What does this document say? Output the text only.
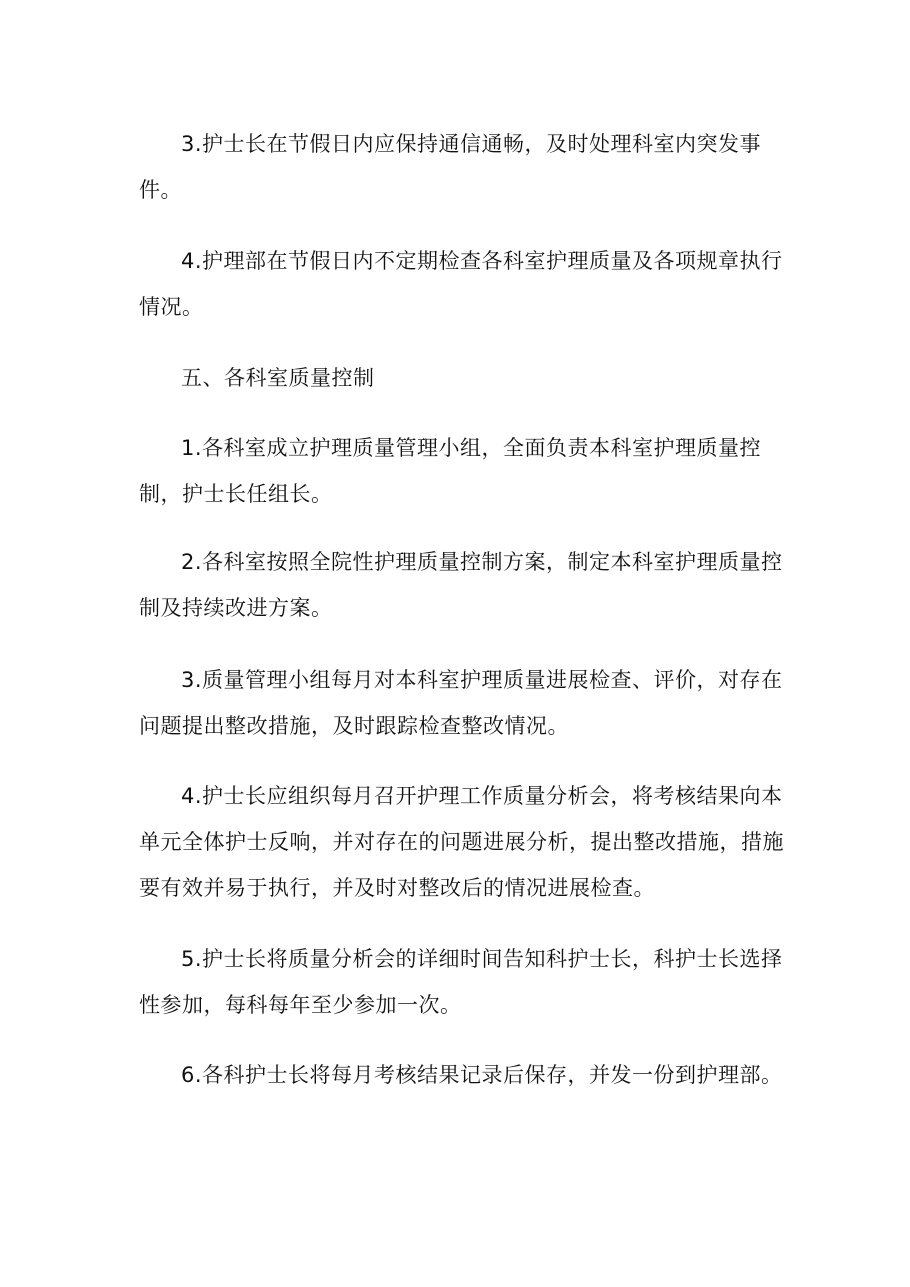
3.护士长在节假日内应保持通信通畅，及时处理科室内突发事件。

4.护理部在节假日内不定期检查各科室护理质量及各项规章执行情况。

五、各科室质量控制

1.各科室成立护理质量管理小组，全面负责本科室护理质量控制，护士长任组长。

2.各科室按照全院性护理质量控制方案，制定本科室护理质量控制及持续改进方案。

3.质量管理小组每月对本科室护理质量进展检查、评价，对存在问题提出整改措施，及时跟踪检查整改情况。

4.护士长应组织每月召开护理工作质量分析会，将考核结果向本单元全体护士反响，并对存在的问题进展分析，提出整改措施，措施要有效并易于执行，并及时对整改后的情况进展检查。

5.护士长将质量分析会的详细时间告知科护士长，科护士长选择性参加，每科每年至少参加一次。

6.各科护士长将每月考核结果记录后保存，并发一份到护理部。
